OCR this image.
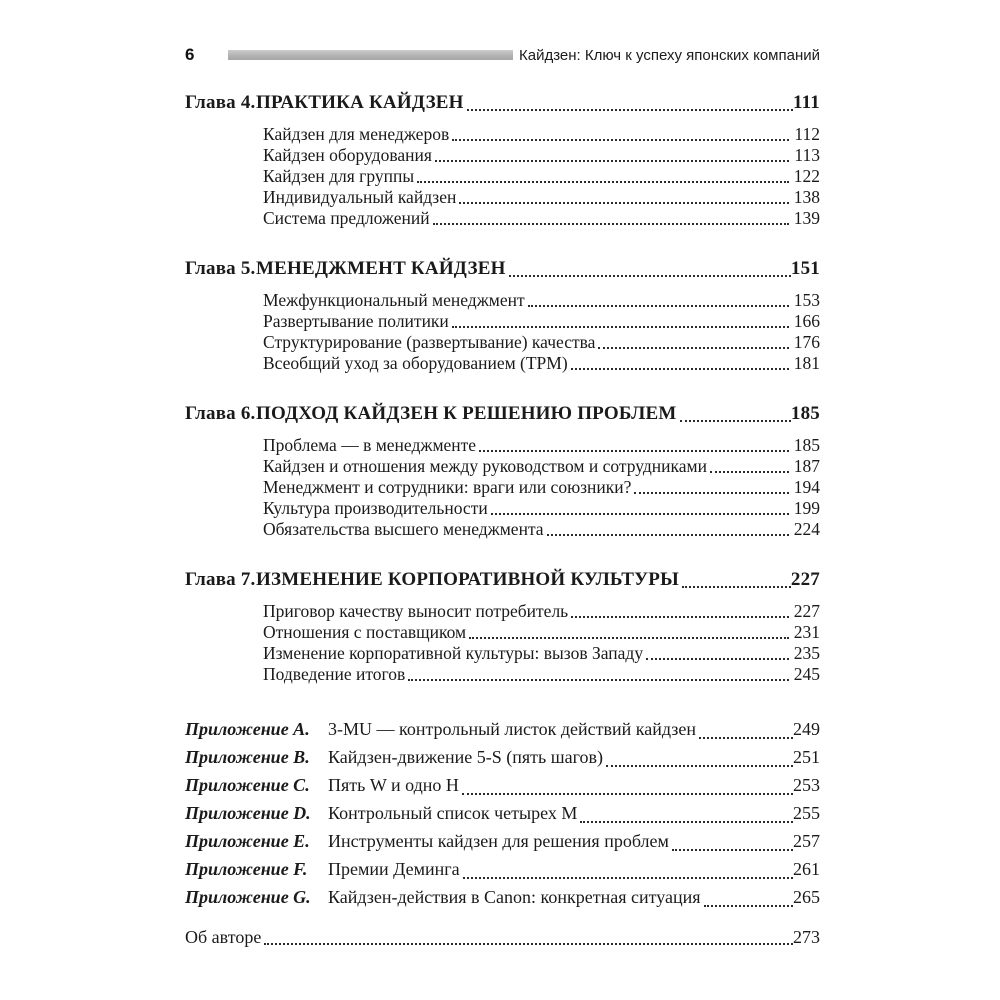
6	Кайдзен: Ключ к успеху японских компаний
Глава 4. ПРАКТИКА КАЙДЗЕН	111
Кайдзен для менеджеров	112
Кайдзен оборудования	113
Кайдзен для группы	122
Индивидуальный кайдзен	138
Система предложений	139
Глава 5. МЕНЕДЖМЕНТ КАЙДЗЕН	151
Межфункциональный менеджмент	153
Развертывание политики	166
Структурирование (развертывание) качества	176
Всеобщий уход за оборудованием (TPM)	181
Глава 6. ПОДХОД КАЙДЗЕН К РЕШЕНИЮ ПРОБЛЕМ	185
Проблема — в менеджменте	185
Кайдзен и отношения между руководством и сотрудниками	187
Менеджмент и сотрудники: враги или союзники?	194
Культура производительности	199
Обязательства высшего менеджмента	224
Глава 7. ИЗМЕНЕНИЕ КОРПОРАТИВНОЙ КУЛЬТУРЫ	227
Приговор качеству выносит потребитель	227
Отношения с поставщиком	231
Изменение корпоративной культуры: вызов Западу	235
Подведение итогов	245
Приложение A.	3-MU — контрольный листок действий кайдзен	249
Приложение B.	Кайдзен-движение 5-S (пять шагов)	251
Приложение C.	Пять W и одно H	253
Приложение D. Контрольный список четырех M	255
Приложение E.	Инструменты кайдзен для решения проблем	257
Приложение F.	Премии Деминга	261
Приложение G. Кайдзен-действия в Canon: конкретная ситуация	265
Об авторе	273
